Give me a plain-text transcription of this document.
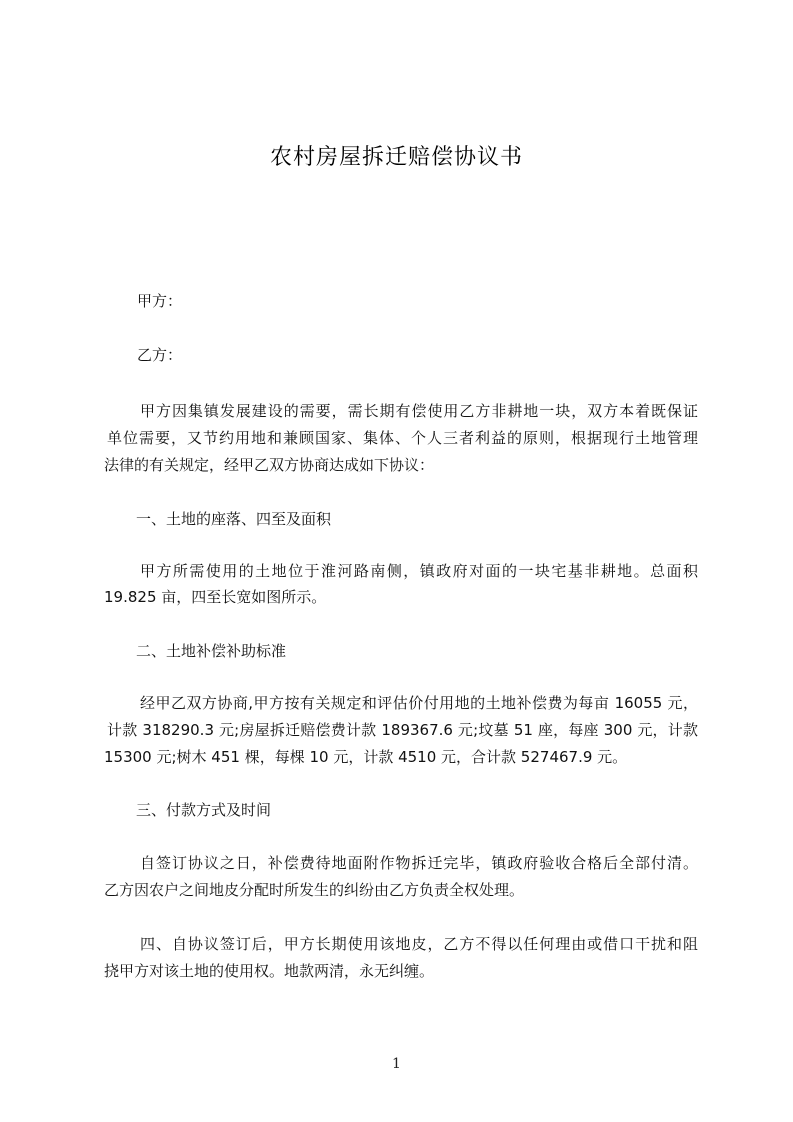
农村房屋拆迁赔偿协议书
甲方：
乙方：
甲方因集镇发展建设的需要，需长期有偿使用乙方非耕地一块，双方本着既保证
单位需要，又节约用地和兼顾国家、集体、个人三者利益的原则，根据现行土地管理
法律的有关规定，经甲乙双方协商达成如下协议：
一、土地的座落、四至及面积
甲方所需使用的土地位于淮河路南侧，镇政府对面的一块宅基非耕地。总面积
19.825 亩，四至长宽如图所示。
二、土地补偿补助标准
经甲乙双方协商,甲方按有关规定和评估价付用地的土地补偿费为每亩 16055 元，
计款 318290.3 元;房屋拆迁赔偿费计款 189367.6 元;坟墓 51 座，每座 300 元，计款
15300 元;树木 451 棵，每棵 10 元，计款 4510 元，合计款 527467.9 元。
三、付款方式及时间
自签订协议之日，补偿费待地面附作物拆迁完毕，镇政府验收合格后全部付清。
乙方因农户之间地皮分配时所发生的纠纷由乙方负责全权处理。
四、自协议签订后，甲方长期使用该地皮，乙方不得以任何理由或借口干扰和阻
挠甲方对该土地的使用权。地款两清，永无纠缠。
1
